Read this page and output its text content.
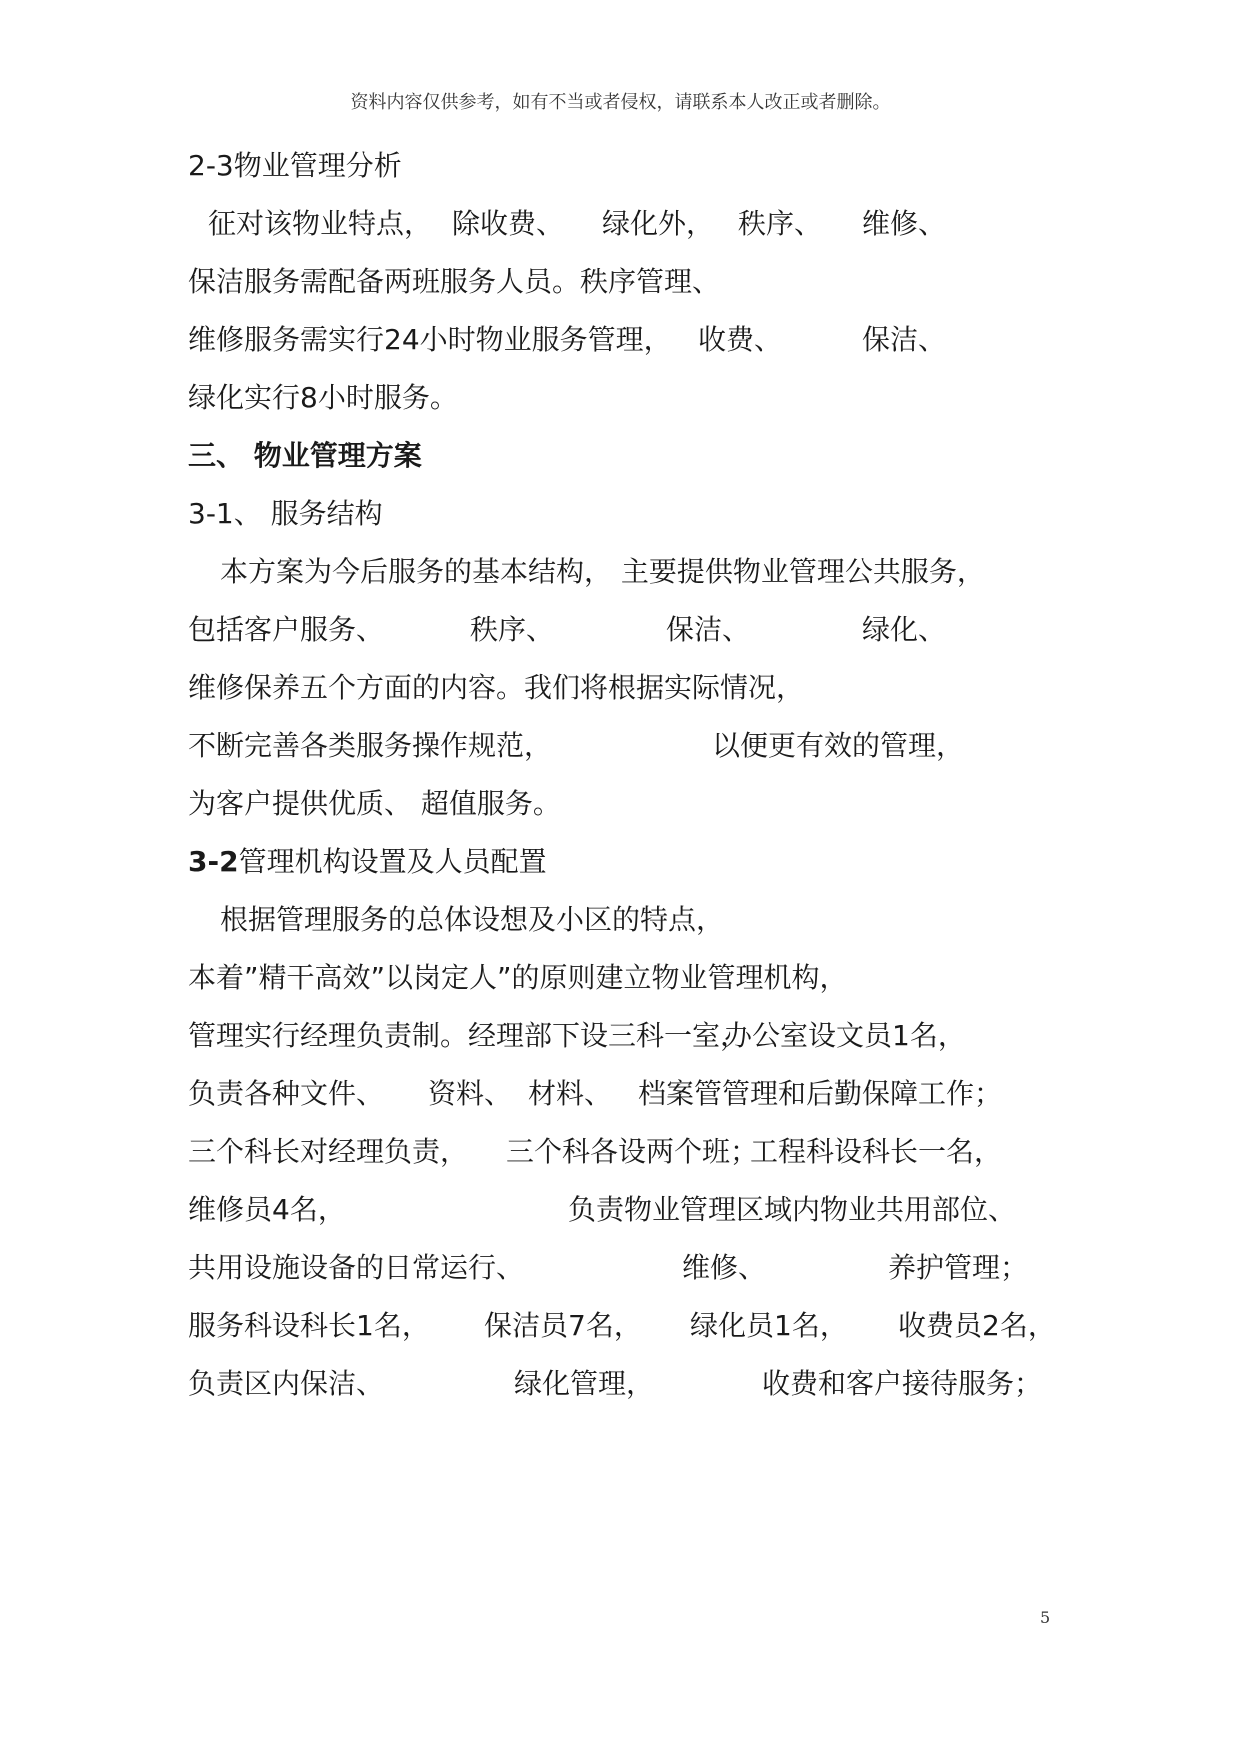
资料内容仅供参考，如有不当或者侵权，请联系本人改正或者删除。
2-3物业管理分析
征对该物业特点， 除收费、 绿化外， 秩序、 维修、
保洁服务需配备两班服务人员。秩序管理、
维修服务需实行24小时物业服务管理， 收费、	保洁、
绿化实行8小时服务。
三、 物业管理方案
3-1、 服务结构
本方案为今后服务的基本结构， 主要提供物业管理公共服务，
包括客户服务、	秩序、	保洁、	绿化、
维修保养五个方面的内容。我们将根据实际情况，
不断完善各类服务操作规范，	以便更有效的管理，
为客户提供优质、 超值服务。
3-2管理机构设置及人员配置
根据管理服务的总体设想及小区的特点，
本着”精干高效”以岗定人”的原则建立物业管理机构，
管理实行经理负责制。经理部下设三科一室，
办公室设文员1名，
负责各种文件、 资料、 材料、 档案管管理和后勤保障工作；
三个科长对经理负责， 三个科各设两个班；
工程科设科长一名，
维修员4名，	负责物业管理区域内物业共用部位、
共用设施设备的日常运行、	维修、	养护管理；
服务科设科长1名， 保洁员7名， 绿化员1名， 收费员2名，
负责区内保洁、	绿化管理，	收费和客户接待服务；
5
